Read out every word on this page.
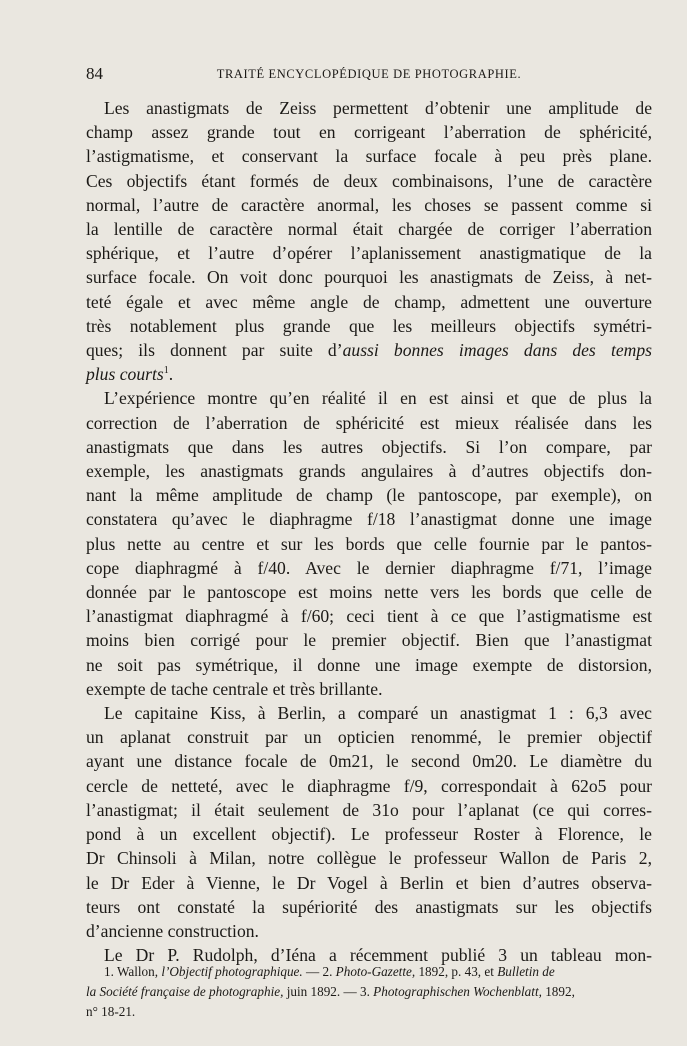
84	TRAITÉ ENCYCLOPÉDIQUE DE PHOTOGRAPHIE.
Les anastigmats de Zeiss permettent d’obtenir une amplitude de
champ assez grande tout en corrigeant l’aberration de sphéricité,
l’astigmatisme, et conservant la surface focale à peu près plane.
Ces objectifs étant formés de deux combinaisons, l’une de caractère
normal, l’autre de caractère anormal, les choses se passent comme si
la lentille de caractère normal était chargée de corriger l’aberration
sphérique, et l’autre d’opérer l’aplanissement anastigmatique de la
surface focale. On voit donc pourquoi les anastigmats de Zeiss, à net-
teté égale et avec même angle de champ, admettent une ouverture
très notablement plus grande que les meilleurs objectifs symétri-
ques; ils donnent par suite d’aussi bonnes images dans des temps
plus courts$^1$.
L’expérience montre qu’en réalité il en est ainsi et que de plus la
correction de l’aberration de sphéricité est mieux réalisée dans les
anastigmats que dans les autres objectifs. Si l’on compare, par
exemple, les anastigmats grands angulaires à d’autres objectifs don-
nant la même amplitude de champ (le pantoscope, par exemple), on
constatera qu’avec le diaphragme f/18 l’anastigmat donne une image
plus nette au centre et sur les bords que celle fournie par le pantos-
cope diaphragmé à f/40. Avec le dernier diaphragme f/71, l’image
donnée par le pantoscope est moins nette vers les bords que celle de
l’anastigmat diaphragmé à f/60; ceci tient à ce que l’astigmatisme est
moins bien corrigé pour le premier objectif. Bien que l’anastigmat
ne soit pas symétrique, il donne une image exempte de distorsion,
exempte de tache centrale et très brillante.
Le capitaine Kiss, à Berlin, a comparé un anastigmat 1 : 6,3 avec
un aplanat construit par un opticien renommé, le premier objectif
ayant une distance focale de 0m21, le second 0m20. Le diamètre du
cercle de netteté, avec le diaphragme f/9, correspondait à 62o5 pour
l’anastigmat; il était seulement de 31o pour l’aplanat (ce qui corres-
pond à un excellent objectif). Le professeur Roster à Florence, le
Dr Chinsoli à Milan, notre collègue le professeur Wallon de Paris 2,
le Dr Eder à Vienne, le Dr Vogel à Berlin et bien d’autres observa-
teurs ont constaté la supériorité des anastigmats sur les objectifs
d’ancienne construction.
Le Dr P. Rudolph, d’Iéna a récemment publié 3 un tableau mon-
1. Wallon, l’Objectif photographique. — 2. Photo-Gazette, 1892, p. 43, et Bulletin de
la Société française de photographie, juin 1892. — 3. Photographischen Wochenblatt, 1892,
n° 18-21.
